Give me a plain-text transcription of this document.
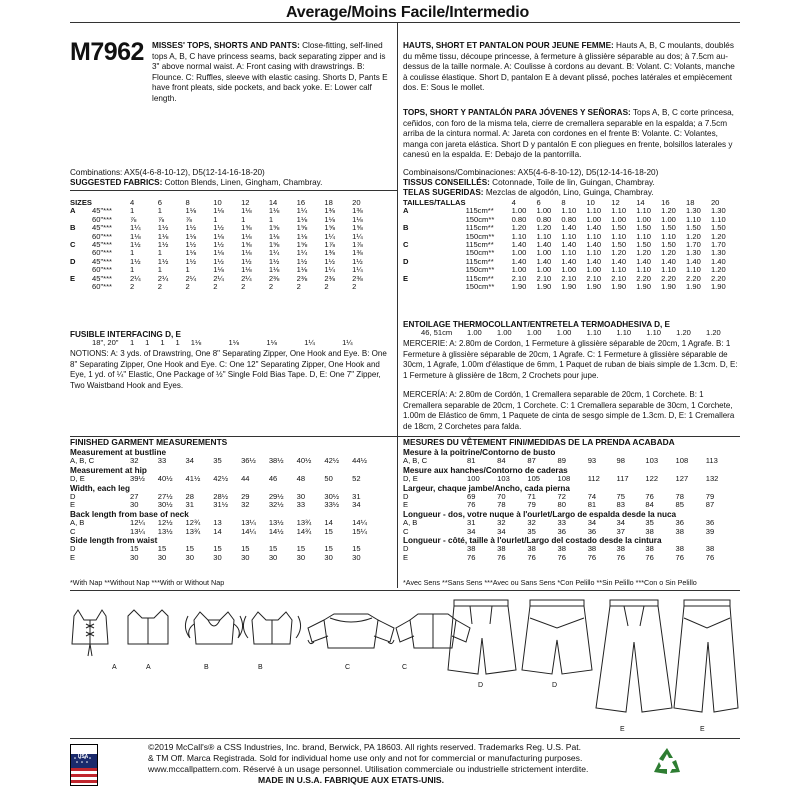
Average/Moins Facile/Intermedio
M7962 MISSES' TOPS, SHORTS AND PANTS: Close-fitting, self-lined tops A, B, C have princess seams, back separating zipper and is 3" above normal waist. A: Front casing with drawstrings. B: Flounce. C: Ruffles, sleeve with elastic casing. Shorts D, Pants E have front pleats, side pockets, and back yoke. E: Lower calf length.
HAUTS, SHORT ET PANTALON POUR JEUNE FEMME: Hauts A, B, C moulants, doublés du même tissu, découpe princesse, à fermeture à glissière séparable au dos; à 7.5cm au-dessus de la taille normale. A: Coulisse à cordons au devant. B: Volant. C: Volants, manche à coulisse élastique. Short D, pantalon E à devant plissé, poches latérales et empiècement dos. E: Sous le mollet.
TOPS, SHORT Y PANTALÓN PARA JÓVENES Y SEÑORAS: Tops A, B, C corte princesa, ceñidos, con foro de la misma tela, cierre de cremallera separable en la espalda; a 7.5cm arriba de la cintura normal. A: Jareta con cordones en el frente B: Volante. C: Volantes, manga con jareta elástica. Short D y pantalón E con pliegues en frente, bolsillos laterales y canesú en la espalda. E: Debajo de la pantorrilla.
Combinations: AX5(4-6-8-10-12), D5(12-14-16-18-20)
SUGGESTED FABRICS: Cotton Blends, Linen, Gingham, Chambray.
SIZES		4	6	8	10	12	14	16	18	20
A	45"***	1	1	1⅛	1⅛	1⅛	1⅛	1¼	1⅜	1⅜
	60"***	⅞	⅞	⅞	1	1	1	1⅛	1⅛	1⅛
B	45"***	1¼	1½	1½	1½	1⅝	1⅝	1⅝	1⅝	1⅝
	60"***	1⅛	1⅛	1⅛	1⅛	1⅛	1⅛	1⅛	1¼	1¼
C	45"***	1½	1½	1½	1½	1⅝	1⅝	1⅝	1⅞	1⅞
	60"***	1	1	1⅛	1⅛	1⅛	1¼	1¼	1⅜	1⅜
D	45"***	1½	1½	1½	1½	1½	1½	1½	1½	1½
	60"***	1	1	1	1⅛	1⅛	1⅛	1⅛	1¼	1¼
E	45"***	2¼	2¼	2¼	2¼	2¼	2⅜	2⅜	2⅜	2⅜
	60"***	2	2	2	2	2	2	2	2	2
FUSIBLE INTERFACING D, E
	18", 20"	1	1	1	1	1⅛	1⅛	1⅛	1¼	1¼
NOTIONS: A: 3 yds. of Drawstring, One 8" Separating Zipper, One Hook and Eye. B: One 8" Separating Zipper, One Hook and Eye. C: One 12" Separating Zipper, One Hook and Eye, 1 yd. of ¼" Elastic, One Package of ½" Single Fold Bias Tape. D, E: One 7" Zipper, Two Waistband Hook and Eyes.
Combinaisons/Combinaciones: AX5(4-6-8-10-12), D5(12-14-16-18-20)
TISSUS CONSEILLÉS: Cotonnade, Toile de lin, Guingan, Chambray.
TELAS SUGERIDAS: Mezclas de algodón, Lino, Guinga, Chambray.
TAILLES/TALLAS		4	6	8	10	12	14	16	18	20
A	115cm**	1.00	1.00	1.10	1.10	1.10	1.10	1.20	1.30	1.30
	150cm**	0.80	0.80	0.80	1.00	1.00	1.00	1.00	1.10	1.10
B	115cm**	1.20	1.20	1.40	1.40	1.50	1.50	1.50	1.50	1.50
	150cm**	1.10	1.10	1.10	1.10	1.10	1.10	1.10	1.20	1.20
C	115cm**	1.40	1.40	1.40	1.40	1.50	1.50	1.50	1.70	1.70
	150cm**	1.00	1.00	1.10	1.10	1.20	1.20	1.20	1.30	1.30
D	115cm**	1.40	1.40	1.40	1.40	1.40	1.40	1.40	1.40	1.40
	150cm**	1.00	1.00	1.00	1.00	1.10	1.10	1.10	1.10	1.20
E	115cm**	2.10	2.10	2.10	2.10	2.10	2.20	2.20	2.20	2.20
	150cm**	1.90	1.90	1.90	1.90	1.90	1.90	1.90	1.90	1.90
ENTOILAGE THERMOCOLLANT/ENTRETELA TERMOADHESIVA D, E
	46, 51cm	1.00	1.00	1.00	1.00	1.10	1.10	1.10	1.20	1.20
MERCERIE: A: 2.80m de Cordon, 1 Fermeture à glissière séparable de 20cm, 1 Agrafe. B: 1 Fermeture à glissière séparable de 20cm, 1 Agrafe. C: 1 Fermeture à glissière séparable de 30cm, 1 Agrafe, 1.00m d'élastique de 6mm, 1 Paquet de ruban de biais simple de 1.3cm. D, E: 1 Fermeture à glissière de 18cm, 2 Crochets pour jupe.
MERCERÍA: A: 2.80m de Cordón, 1 Cremallera separable de 20cm, 1 Corchete. B: 1 Cremallera separable de 20cm, 1 Corchete. C: 1 Cremallera separable de 30cm, 1 Corchete, 1.00m de Elástico de 6mm, 1 Paquete de cinta de sesgo simple de 1.3cm. D, E: 1 Cremallera de 18cm, 2 Corchetes para falda.
FINISHED GARMENT MEASUREMENTS	MESURES DU VÊTEMENT FINI/MEDIDAS DE LA PRENDA ACABADA
Measurement at bustline									
A, B, C	32	33	34	35	36½	38½	40½	42½	44½
Measurement at hip									
D, E	39½	40½	41½	42½	44	46	48	50	52
Width, each leg									
D	27	27½	28	28½	29	29½	30	30½	31
E	30	30½	31	31½	32	32½	33	33½	34
Back length from base of neck									
A, B	12¼	12½	12¾	13	13¼	13½	13¾	14	14¼
C	13¼	13½	13¾	14	14¼	14½	14¾	15	15¼
Side length from waist									
D	15	15	15	15	15	15	15	15	15
E	30	30	30	30	30	30	30	30	30
Mesure à la poitrine/Contorno de busto									
A, B, C	81	84	87	89	93	98	103	108	113
Mesure aux hanches/Contorno de caderas									
D, E	100	103	105	108	112	117	122	127	132
Largeur, chaque jambe/Ancho, cada pierna									
D	69	70	71	72	74	75	76	78	79
E	76	78	79	80	81	83	84	85	87
Longueur - dos, votre nuque à l'ourlet/Largo de espalda desde la nuca									
A, B	31	32	32	33	34	34	35	36	36
C	34	34	35	36	36	37	38	38	39
Longueur - côté, taille à l'ourlet/Largo del costado desde la cintura									
D	38	38	38	38	38	38	38	38	38
E	76	76	76	76	76	76	76	76	76
*With Nap **Without Nap ***With or Without Nap	*Avec Sens **Sans Sens ***Avec ou Sans Sens *Con Pelillo **Sin Pelillo ***Con o Sin Pelillo
A	A	B	B	C	C
D	D
E	E
MADE IN USA
©2019 McCall's® a CSS Industries, Inc. brand, Berwick, PA 18603. All rights reserved. Trademarks Reg. U.S. Pat.
& TM Off. Marca Registrada. Sold for individual home use only and not for commercial or manufacturing purposes.
www.mccallpattern.com. Réservé à un usage personnel. Utilisation commerciale ou industrielle strictement interdite.
MADE IN U.S.A. FABRIQUE AUX ETATS-UNIS.
